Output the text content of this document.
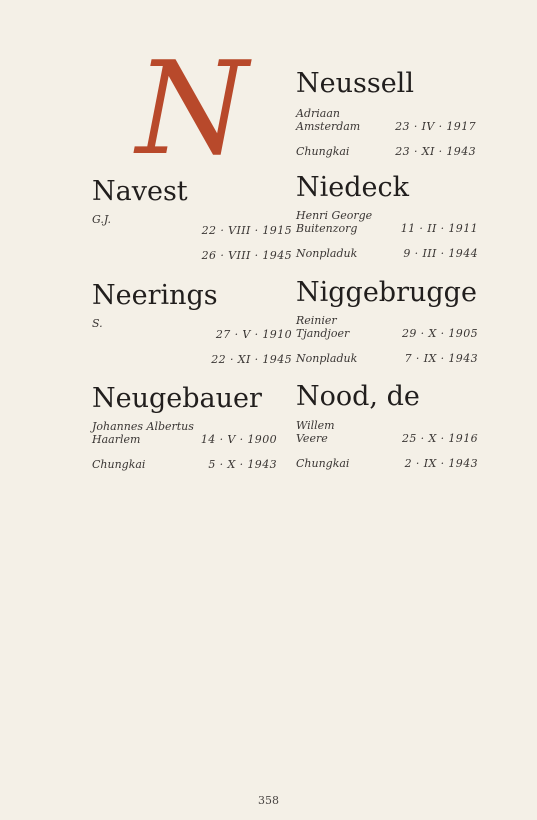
N
Navest
G.J.
22 · VIII · 1915
26 · VIII · 1945
Neerings
S.
27 · V · 1910
22 · XI · 1945
Neugebauer
Johannes Albertus
Haarlem	14 · V · 1900
Chungkai	5 · X · 1943
Neussell
Adriaan
Amsterdam	23 · IV · 1917
Chungkai	23 · XI · 1943
Niedeck
Henri George
Buitenzorg	11 · II · 1911
Nonpladuk	9 · III · 1944
Niggebrugge
Reinier
Tjandjoer	29 · X · 1905
Nonpladuk	7 · IX · 1943
Nood, de
Willem
Veere	25 · X · 1916
Chungkai	2 · IX · 1943
358
